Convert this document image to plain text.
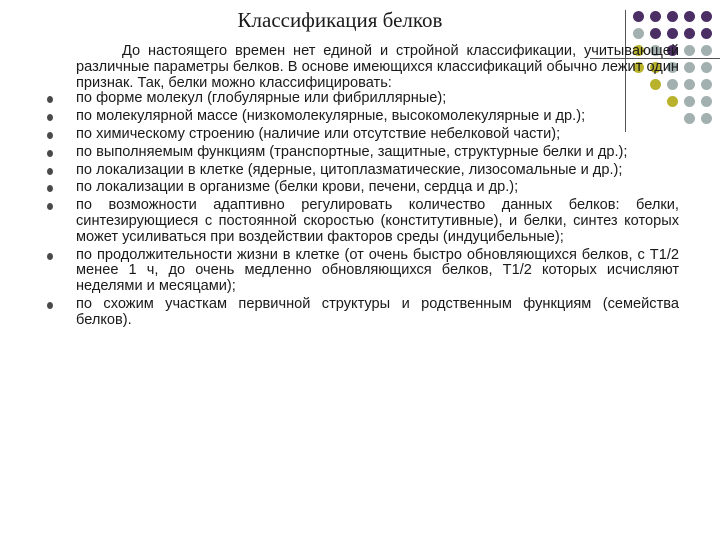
Классификация белков

До настоящего времен нет единой и стройной классификации, учитывающей различные параметры белков. В основе имеющихся классификаций обычно лежит один признак. Так, белки можно классифицировать:

по форме молекул (глобулярные или фибриллярные);
по молекулярной массе (низкомолекулярные, высокомолекулярные и др.);
по химическому строению (наличие или отсутствие небелковой части);
по выполняемым функциям (транспортные, защитные, структурные белки и др.);
по локализации в клетке (ядерные, цитоплазматические, лизосомальные и др.);
по локализации в организме (белки крови, печени, сердца и др.);
по возможности адаптивно регулировать количество данных белков: белки, синтезирующиеся с постоянной скоростью (конститутивные), и белки, синтез которых может усиливаться при воздействии факторов среды (индуцибельные);
по продолжительности жизни в клетке (от очень быстро обновляющихся белков, с Т1/2 менее 1 ч, до очень медленно обновляющихся белков, Т1/2 которых исчисляют неделями и месяцами);
по схожим участкам первичной структуры и родственным функциям (семейства белков).
